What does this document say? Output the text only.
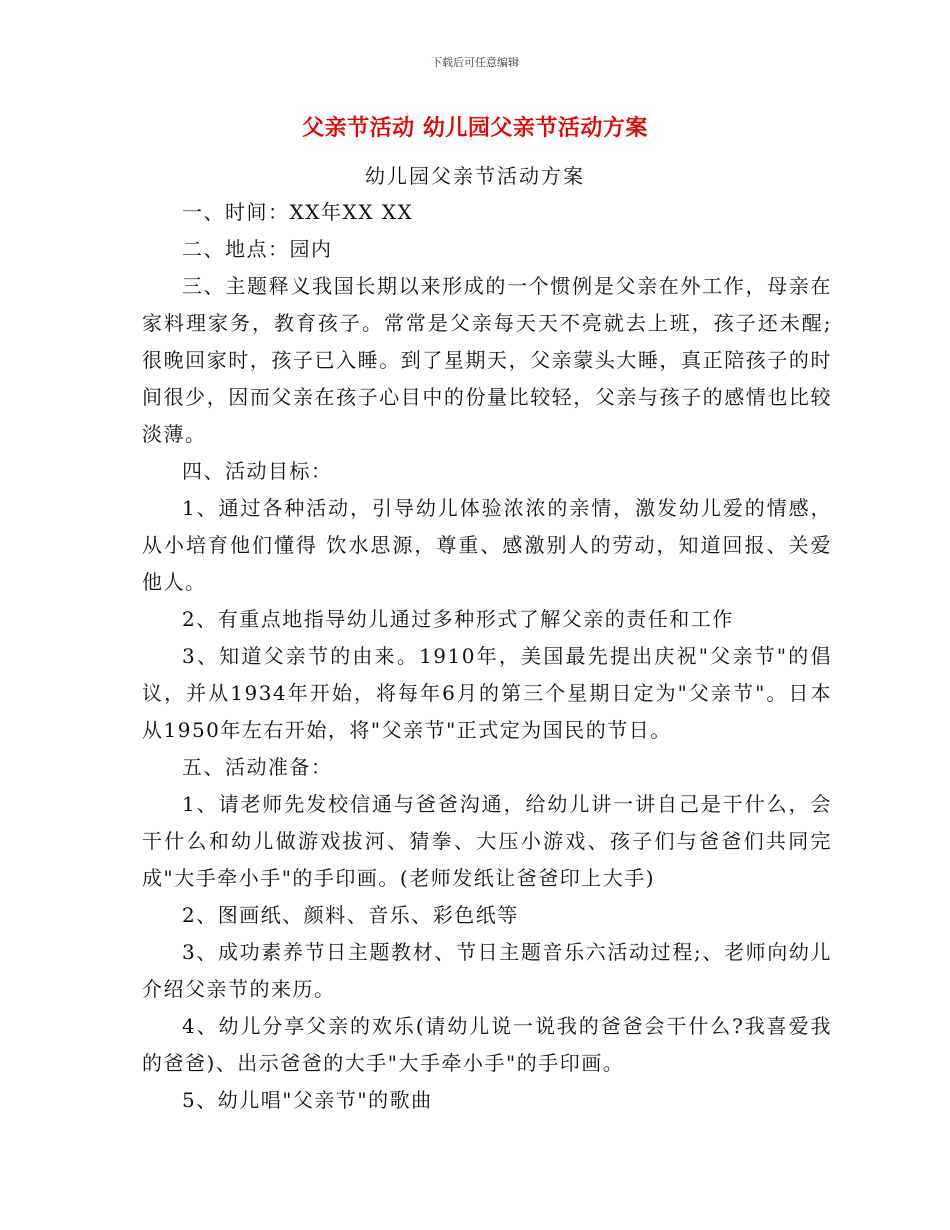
下载后可任意编辑
父亲节活动 幼儿园父亲节活动方案
幼儿园父亲节活动方案

一、时间：XX年XX XX

二、地点：园内

三、主题释义我国长期以来形成的一个惯例是父亲在外工作，母亲在家料理家务，教育孩子。常常是父亲每天天不亮就去上班，孩子还未醒;很晚回家时，孩子已入睡。到了星期天，父亲蒙头大睡，真正陪孩子的时间很少，因而父亲在孩子心目中的份量比较轻，父亲与孩子的感情也比较淡薄。

四、活动目标：

1、通过各种活动，引导幼儿体验浓浓的亲情，激发幼儿爱的情感，从小培育他们懂得 饮水思源，尊重、感激别人的劳动，知道回报、关爱他人。

2、有重点地指导幼儿通过多种形式了解父亲的责任和工作

3、知道父亲节的由来。1910年，美国最先提出庆祝"父亲节"的倡议，并从1934年开始，将每年6月的第三个星期日定为"父亲节"。日本从1950年左右开始，将"父亲节"正式定为国民的节日。

五、活动准备：

1、请老师先发校信通与爸爸沟通，给幼儿讲一讲自己是干什么，会干什么和幼儿做游戏拔河、猜拳、大压小游戏、孩子们与爸爸们共同完成"大手牵小手"的手印画。(老师发纸让爸爸印上大手)

2、图画纸、颜料、音乐、彩色纸等

3、成功素养节日主题教材、节日主题音乐六活动过程;、老师向幼儿介绍父亲节的来历。

4、幼儿分享父亲的欢乐(请幼儿说一说我的爸爸会干什么?我喜爱我的爸爸)、出示爸爸的大手"大手牵小手"的手印画。

5、幼儿唱"父亲节"的歌曲
